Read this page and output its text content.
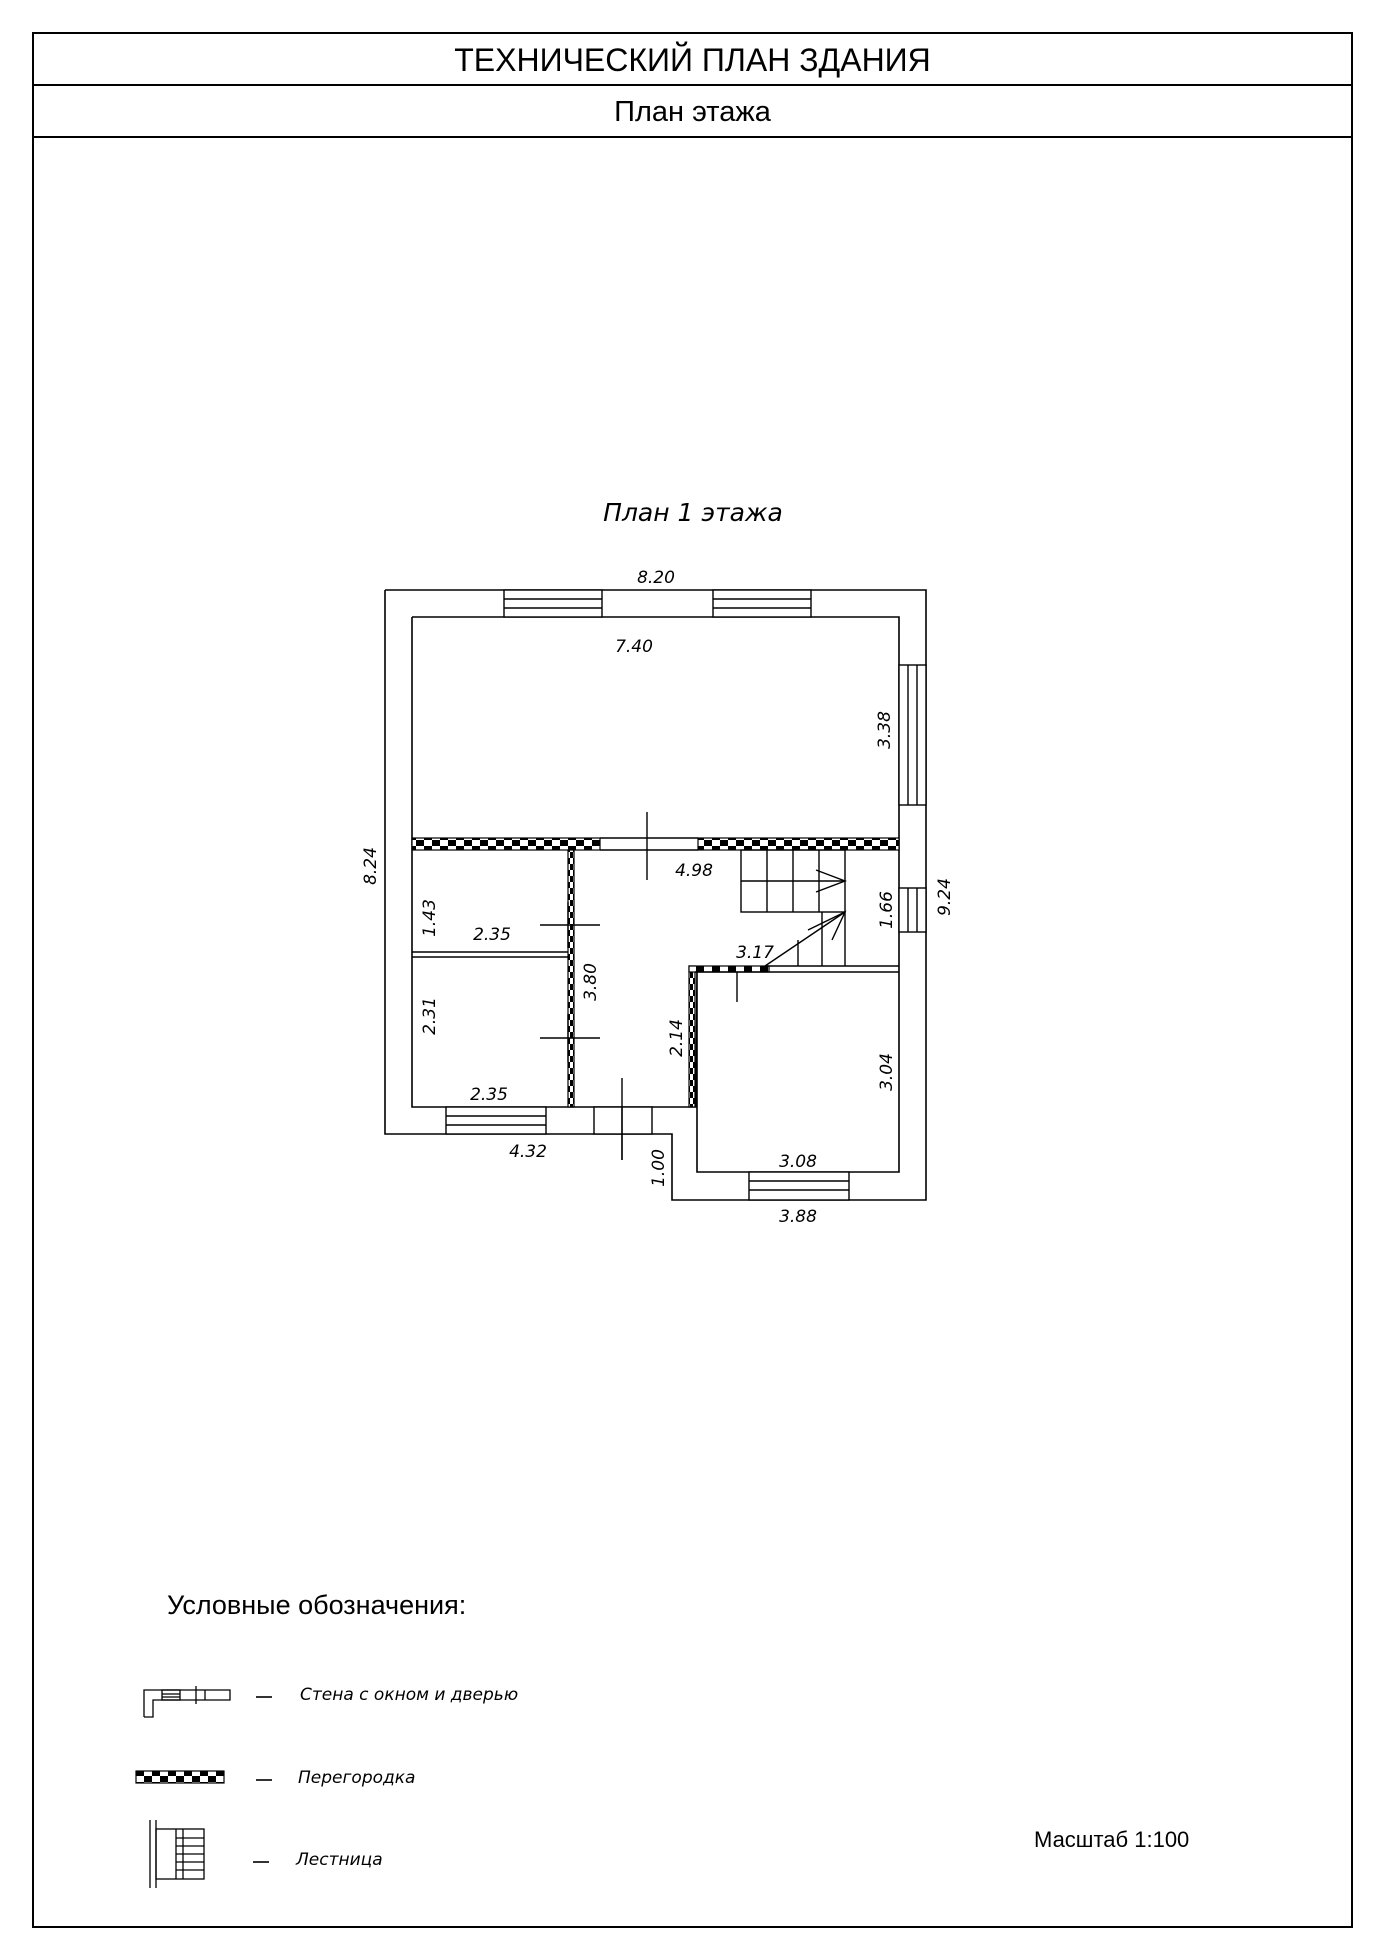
ТЕХНИЧЕСКИЙ ПЛАН ЗДАНИЯ
План этажа
План 1 этажа
8.20
7.40
4.98
2.35
3.17
2.35
4.32	3.08
3.88
8.24
9.24
3.38
1.43
3.80
2.31
1.66
2.14
3.04
1.00
Условные обозначения:
Стена с окном и дверью
Перегородка
Лестница
Масштаб 1:100
